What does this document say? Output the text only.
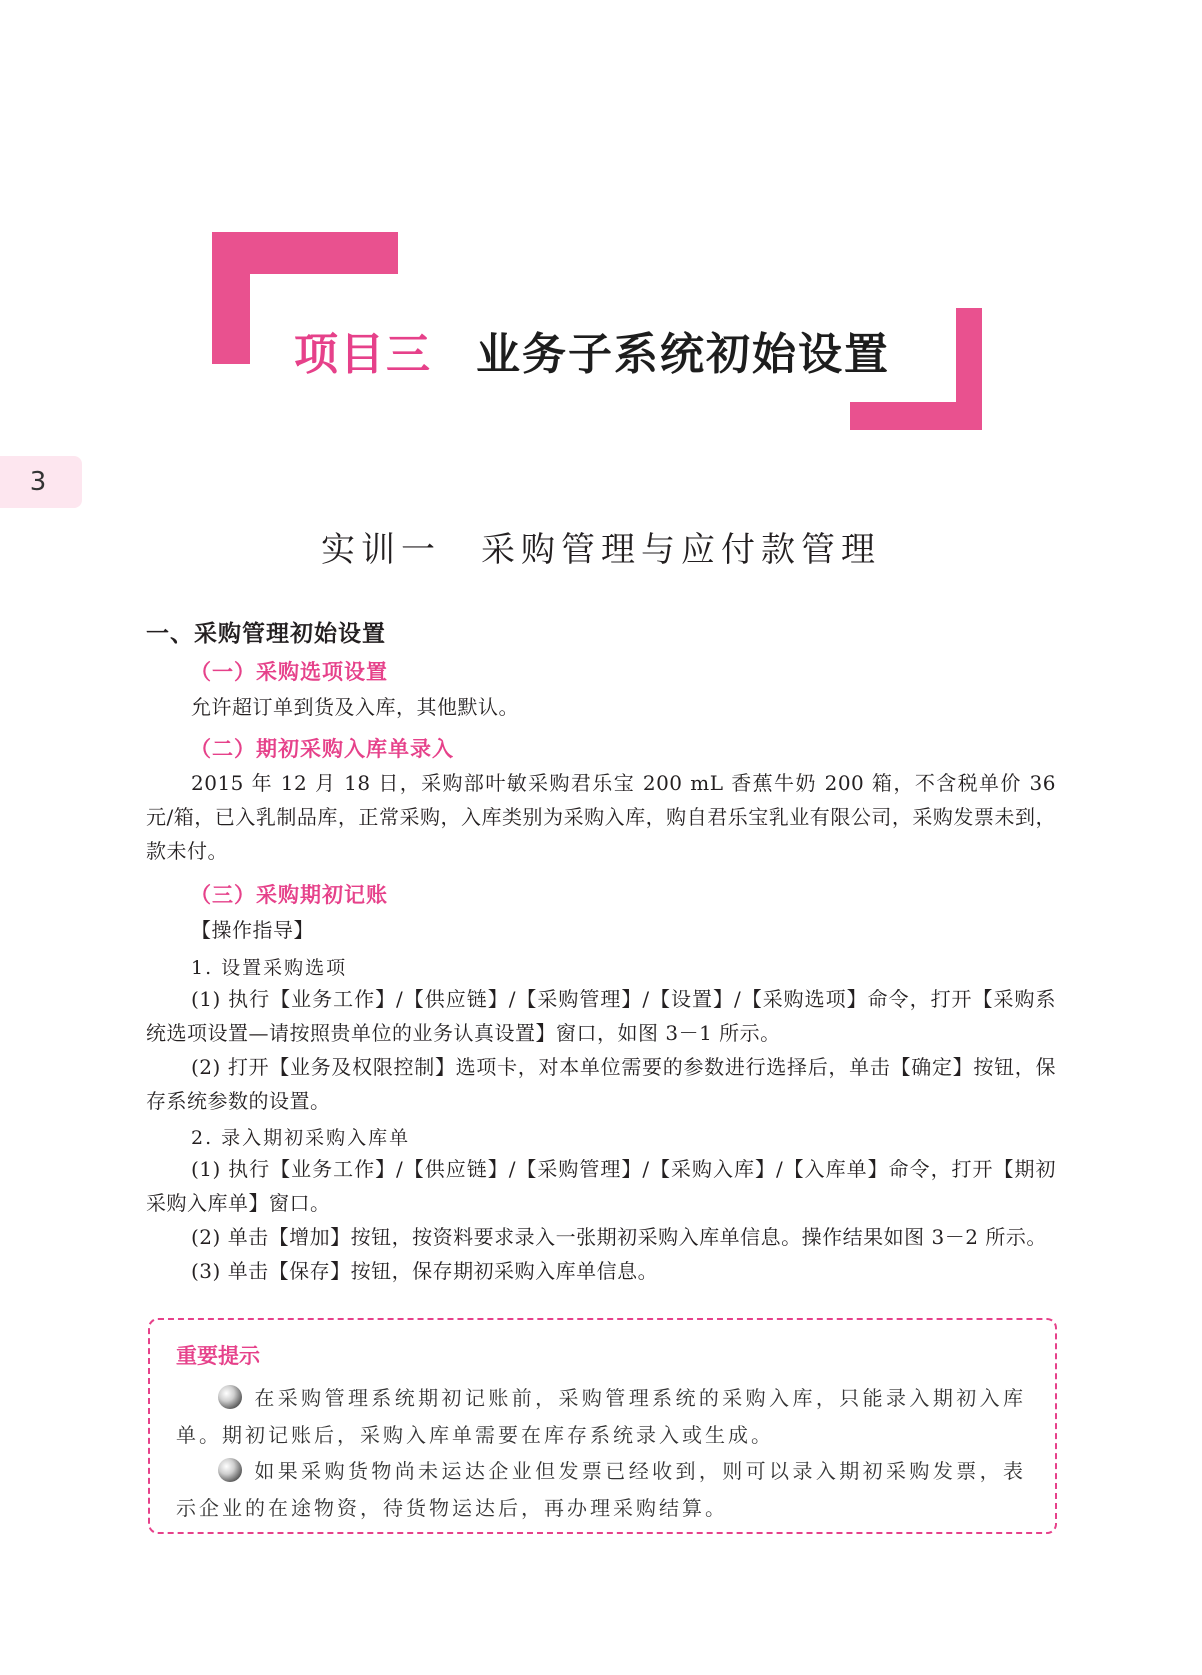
项目三 业务子系统初始设置
3
实训一 采购管理与应付款管理
一、采购管理初始设置
（一）采购选项设置
允许超订单到货及入库，其他默认。
（二）期初采购入库单录入
2015 年 12 月 18 日，采购部叶敏采购君乐宝 200 mL 香蕉牛奶 200 箱，不含税单价 36 元/箱，已入乳制品库，正常采购，入库类别为采购入库，购自君乐宝乳业有限公司，采购发票未到，款未付。
（三）采购期初记账
【操作指导】
1. 设置采购选项
(1) 执行【业务工作】/【供应链】/【采购管理】/【设置】/【采购选项】命令，打开【采购系统选项设置—请按照贵单位的业务认真设置】窗口，如图 3－1 所示。
(2) 打开【业务及权限控制】选项卡，对本单位需要的参数进行选择后，单击【确定】按钮，保存系统参数的设置。
2. 录入期初采购入库单
(1) 执行【业务工作】/【供应链】/【采购管理】/【采购入库】/【入库单】命令，打开【期初采购入库单】窗口。
(2) 单击【增加】按钮，按资料要求录入一张期初采购入库单信息。操作结果如图 3－2 所示。
(3) 单击【保存】按钮，保存期初采购入库单信息。
重要提示
在采购管理系统期初记账前，采购管理系统的采购入库，只能录入期初入库单。期初记账后，采购入库单需要在库存系统录入或生成。
如果采购货物尚未运达企业但发票已经收到，则可以录入期初采购发票，表示企业的在途物资，待货物运达后，再办理采购结算。
